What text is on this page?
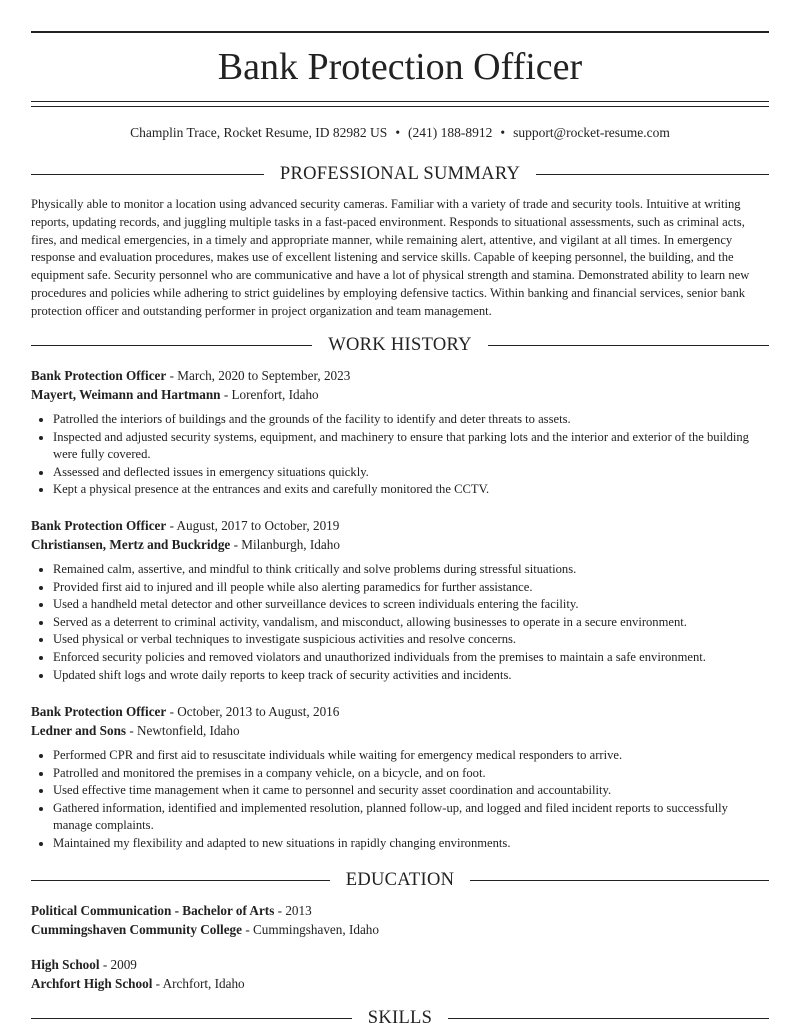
Bank Protection Officer
Champlin Trace, Rocket Resume, ID 82982 US • (241) 188-8912 • support@rocket-resume.com
PROFESSIONAL SUMMARY
Physically able to monitor a location using advanced security cameras. Familiar with a variety of trade and security tools. Intuitive at writing reports, updating records, and juggling multiple tasks in a fast-paced environment. Responds to situational assessments, such as criminal acts, fires, and medical emergencies, in a timely and appropriate manner, while remaining alert, attentive, and vigilant at all times. In emergency response and evaluation procedures, makes use of excellent listening and service skills. Capable of keeping personnel, the building, and the equipment safe. Security personnel who are communicative and have a lot of physical strength and stamina. Demonstrated ability to learn new procedures and policies while adhering to strict guidelines by employing defensive tactics. Within banking and financial services, senior bank protection officer and outstanding performer in project organization and team management.
WORK HISTORY
Bank Protection Officer - March, 2020 to September, 2023
Mayert, Weimann and Hartmann - Lorenfort, Idaho
• Patrolled the interiors of buildings and the grounds of the facility to identify and deter threats to assets.
• Inspected and adjusted security systems, equipment, and machinery to ensure that parking lots and the interior and exterior of the building were fully covered.
• Assessed and deflected issues in emergency situations quickly.
• Kept a physical presence at the entrances and exits and carefully monitored the CCTV.
Bank Protection Officer - August, 2017 to October, 2019
Christiansen, Mertz and Buckridge - Milanburgh, Idaho
• Remained calm, assertive, and mindful to think critically and solve problems during stressful situations.
• Provided first aid to injured and ill people while also alerting paramedics for further assistance.
• Used a handheld metal detector and other surveillance devices to screen individuals entering the facility.
• Served as a deterrent to criminal activity, vandalism, and misconduct, allowing businesses to operate in a secure environment.
• Used physical or verbal techniques to investigate suspicious activities and resolve concerns.
• Enforced security policies and removed violators and unauthorized individuals from the premises to maintain a safe environment.
• Updated shift logs and wrote daily reports to keep track of security activities and incidents.
Bank Protection Officer - October, 2013 to August, 2016
Ledner and Sons - Newtonfield, Idaho
• Performed CPR and first aid to resuscitate individuals while waiting for emergency medical responders to arrive.
• Patrolled and monitored the premises in a company vehicle, on a bicycle, and on foot.
• Used effective time management when it came to personnel and security asset coordination and accountability.
• Gathered information, identified and implemented resolution, planned follow-up, and logged and filed incident reports to successfully manage complaints.
• Maintained my flexibility and adapted to new situations in rapidly changing environments.
EDUCATION
Political Communication - Bachelor of Arts - 2013
Cummingshaven Community College - Cummingshaven, Idaho
High School - 2009
Archfort High School - Archfort, Idaho
SKILLS
